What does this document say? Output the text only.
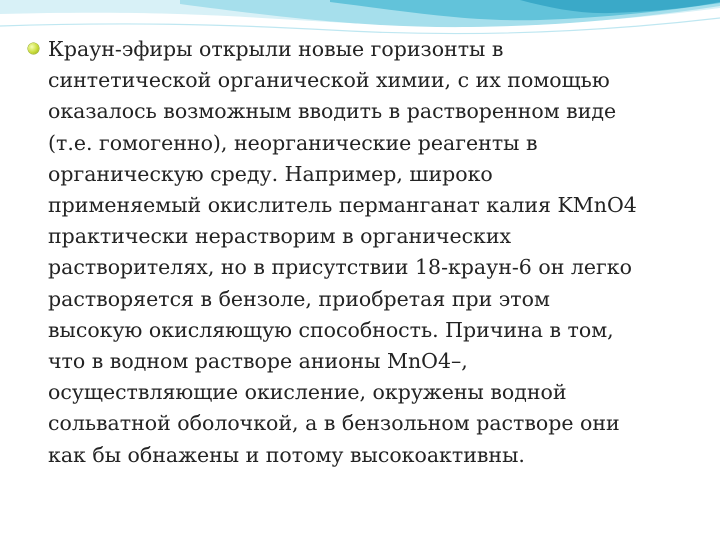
Краун-эфиры открыли новые горизонты в
синтетической органической химии, с их помощью
оказалось возможным вводить в растворенном виде
(т.е. гомогенно), неорганические реагенты в
органическую среду. Например, широко
применяемый окислитель перманганат калия KMnO4
практически нерастворим в органических
растворителях, но в присутствии 18-краун-6 он легко
растворяется в бензоле, приобретая при этом
высокую окисляющую способность. Причина в том,
что в водном растворе анионы MnO4–,
осуществляющие окисление, окружены водной
сольватной оболочкой, а в бензольном растворе они
как бы обнажены и потому высокоактивны.
